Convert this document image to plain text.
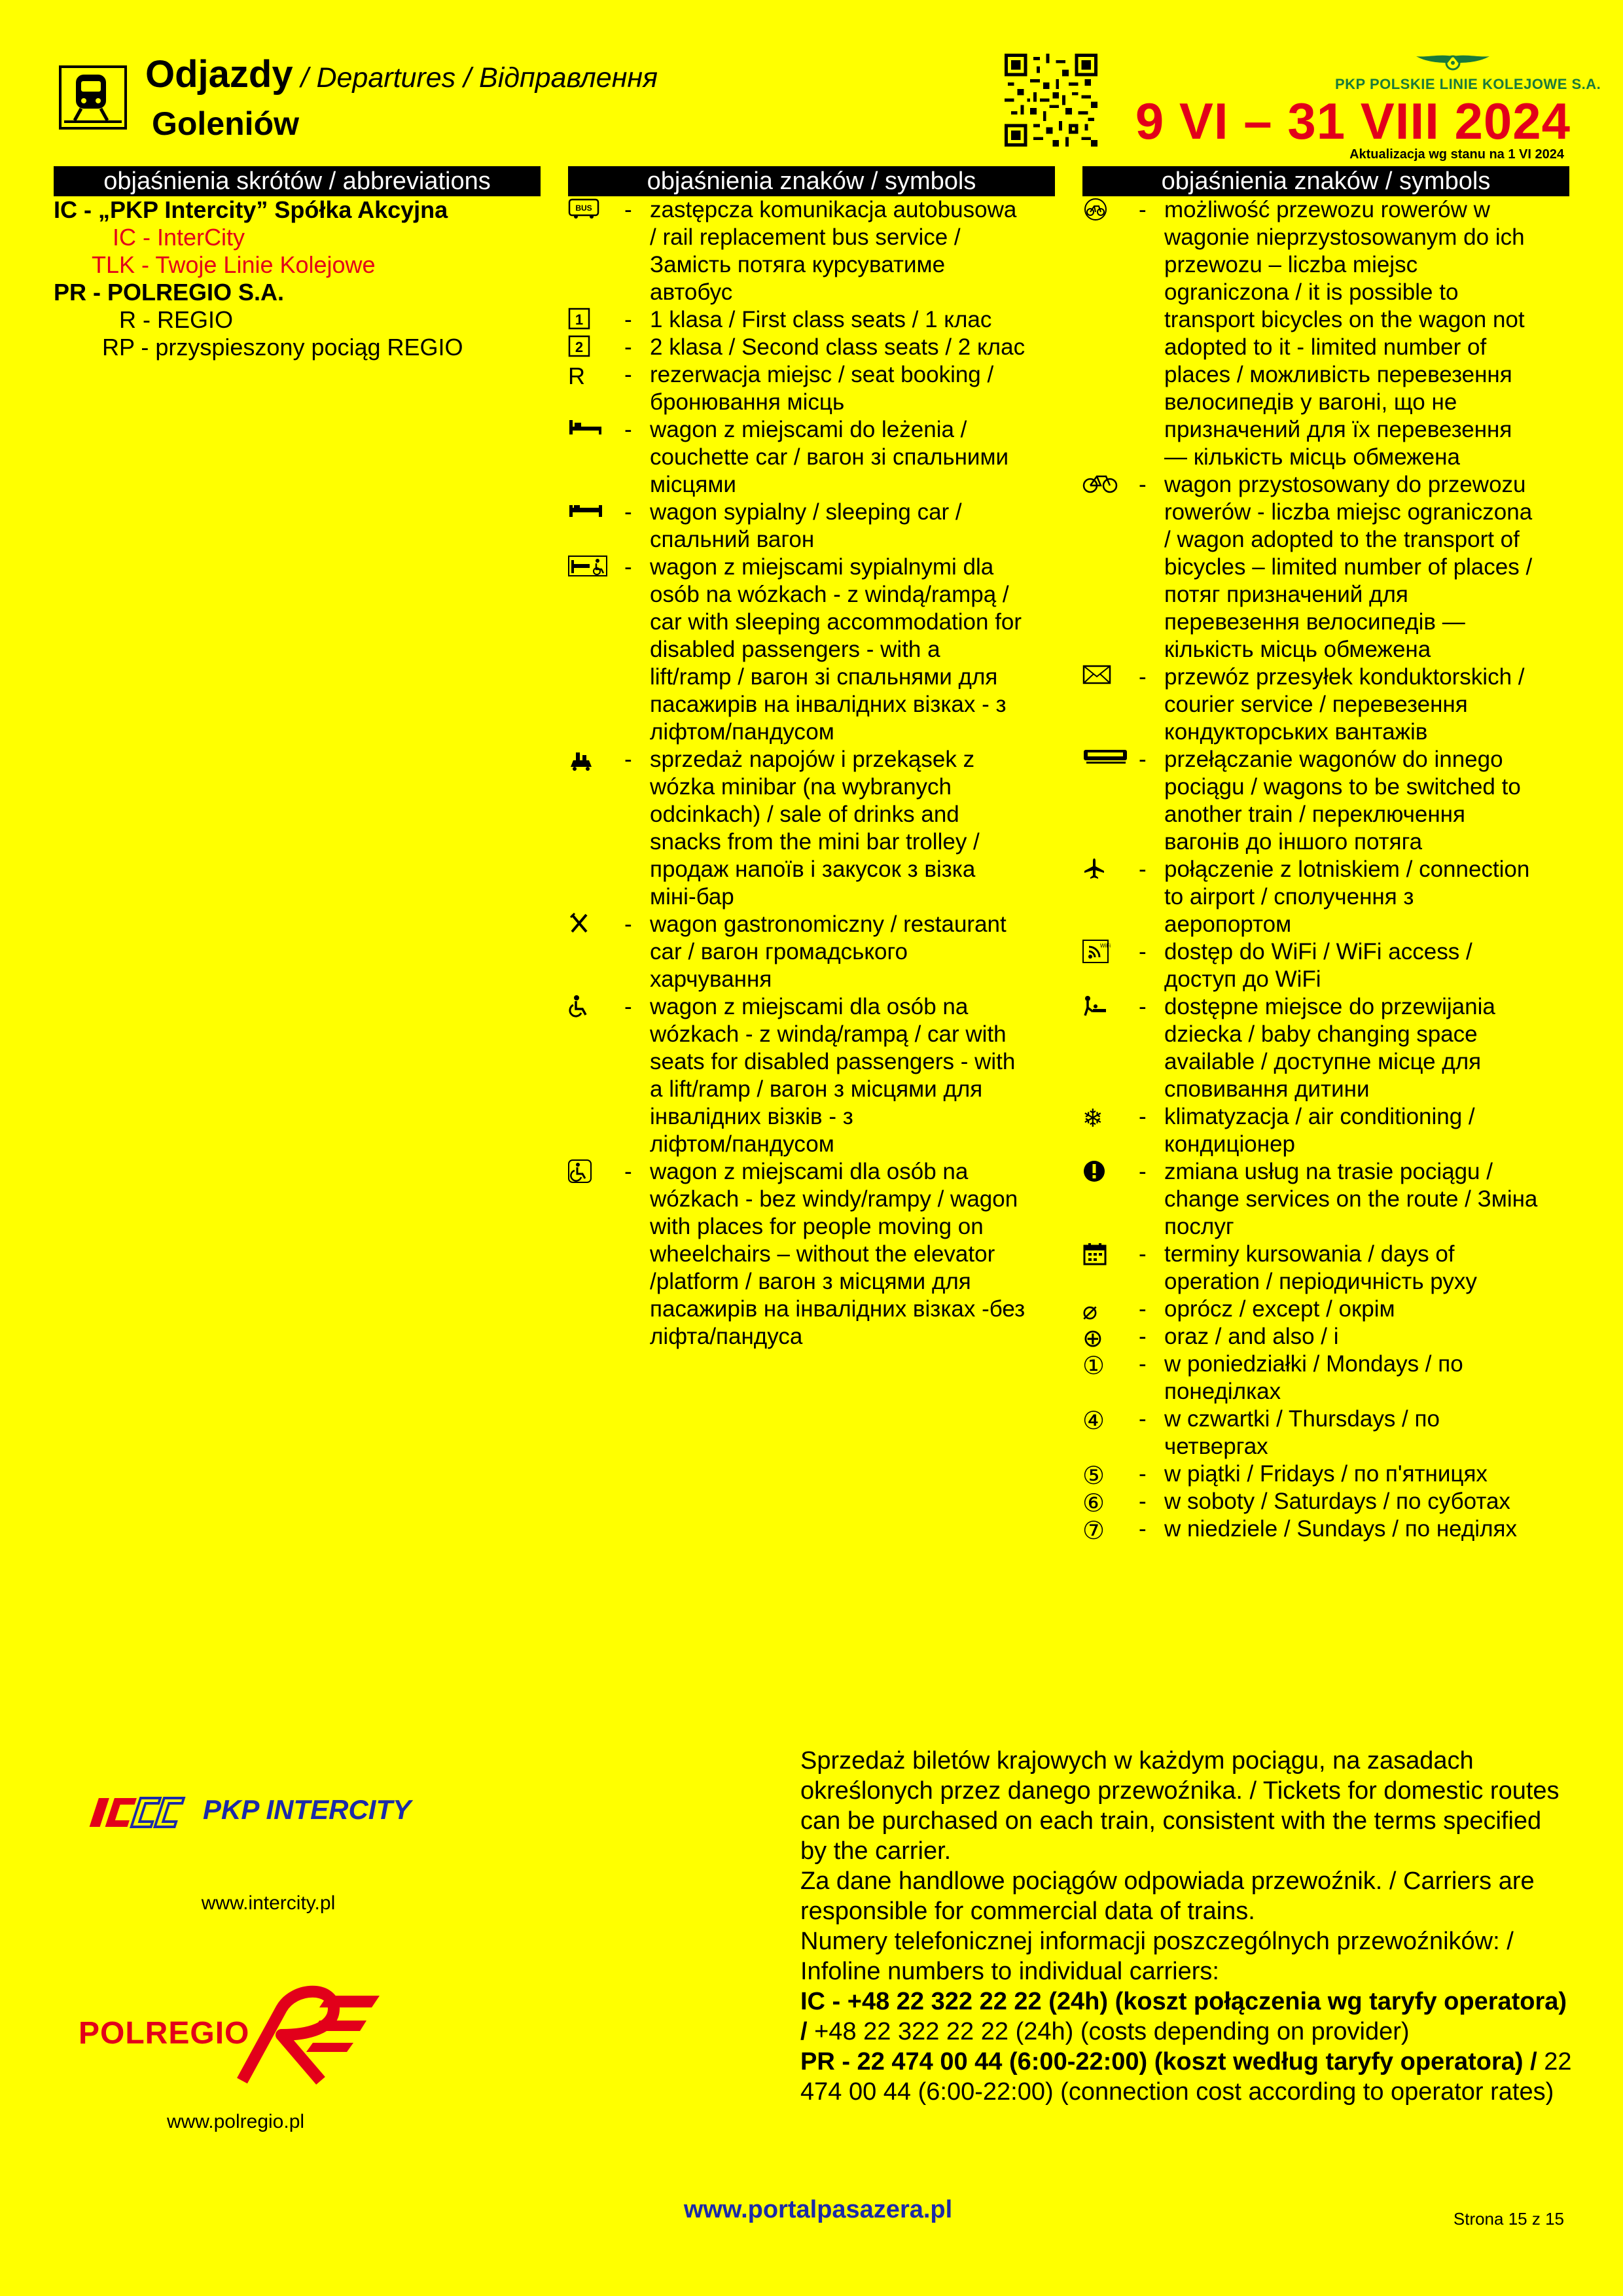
Odjazdy / Departures / Відправлення
Goleniów
PKP POLSKIE LINIE KOLEJOWE S.A.
9 VI – 31 VIII 2024
Aktualizacja wg stanu na 1 VI 2024
objaśnienia skrótów / abbreviations	objaśnienia znaków / symbols	objaśnienia znaków / symbols
IC - „PKP Intercity” Spółka Akcyjna
IC - InterCity
TLK - Twoje Linie Kolejowe
PR - POLREGIO S.A.
R - REGIO
RP - przyspieszony pociąg REGIO
BUS - zastępcza komunikacja autobusowa
/ rail replacement bus service /
Замість потяга курсуватиме
автобус
1 - 1 klasa / First class seats / 1 клас
2 - 2 klasa / Second class seats / 2 клас
R	- rezerwacja miejsc / seat booking /
бронювання місць
- wagon z miejscami do leżenia /
couchette car / вагон зі спальними
місцями
- wagon sypialny / sleeping car /
спальний вагон
- wagon z miejscami sypialnymi dla
osób na wózkach - z windą/rampą /
car with sleeping accommodation for
disabled passengers - with a
lift/ramp / вагон зі спальнями для
пасажирів на інвалідних візках - з
ліфтом/пандусом
- sprzedaż napojów i przekąsek z
wózka minibar (na wybranych
odcinkach) / sale of drinks and
snacks from the mini bar trolley /
продаж напоїв і закусок з візка
міні-бар
- wagon gastronomiczny / restaurant
car / вагон громадського
харчування
- wagon z miejscami dla osób na
wózkach - z windą/rampą / car with
seats for disabled passengers - with
a lift/ramp / вагон з місцями для
інвалідних візків - з
ліфтом/пандусом
- wagon z miejscami dla osób na
wózkach - bez windy/rampy / wagon
with places for people moving on
wheelchairs – without the elevator
/platform / вагон з місцями для
пасажирів на інвалідних візках -без
ліфта/пандуса
- możliwość przewozu rowerów w
wagonie nieprzystosowanym do ich
przewozu – liczba miejsc
ograniczona / it is possible to
transport bicycles on the wagon not
adopted to it - limited number of
places / можливість перевезення
велосипедів у вагоні, що не
призначений для їх перевезення
— кількість місць обмежена
- wagon przystosowany do przewozu
rowerów - liczba miejsc ograniczona
/ wagon adopted to the transport of
bicycles – limited number of places /
потяг призначений для
перевезення велосипедів —
кількість місць обмежена
- przewóz przesyłek konduktorskich /
courier service / перевезення
кондукторських вантажів
- przełączanie wagonów do innego
pociągu / wagons to be switched to
another train / переключення
вагонів до іншого потяга
- połączenie z lotniskiem / connection
to airport / сполучення з
аеропортом
WiFi - dostęp do WiFi / WiFi access /
доступ до WiFi
- dostępne miejsce do przewijania
dziecka / baby changing space
available / доступне місце для
сповивання дитини
❄	- klimatyzacja / air conditioning /
кондиціонер
- zmiana usług na trasie pociągu /
change services on the route / Зміна
послуг
- terminy kursowania / days of
operation / періодичність руху
⌀	- oprócz / except / окрім
⊕	- oraz / and also / і
① - w poniedziałki / Mondays / по
понеділках
④ - w czwartki / Thursdays / по
четвергах
⑤ - w piątki / Fridays / по п'ятницях
⑥ - w soboty / Saturdays / по суботах
⑦ - w niedziele / Sundays / по неділях
PKP INTERCITY
www.intercity.pl
POLREGIO
www.polregio.pl

Sprzedaż biletów krajowych w każdym pociągu, na zasadach określonych przez danego przewoźnika. / Tickets for domestic routes can be purchased on each train, consistent with the terms specified by the carrier.

Za dane handlowe pociągów odpowiada przewoźnik. / Carriers are responsible for commercial data of trains.

Numery telefonicznej informacji poszczególnych przewoźników: / Infoline numbers to individual carriers:

IC - +48 22 322 22 22 (24h) (koszt połączenia wg taryfy operatora) / +48 22 322 22 22 (24h) (costs depending on provider)

PR - 22 474 00 44 (6:00-22:00) (koszt według taryfy operatora) / 22 474 00 44 (6:00-22:00) (connection cost according to operator rates)

www.portalpasazera.pl	Strona 15 z 15
